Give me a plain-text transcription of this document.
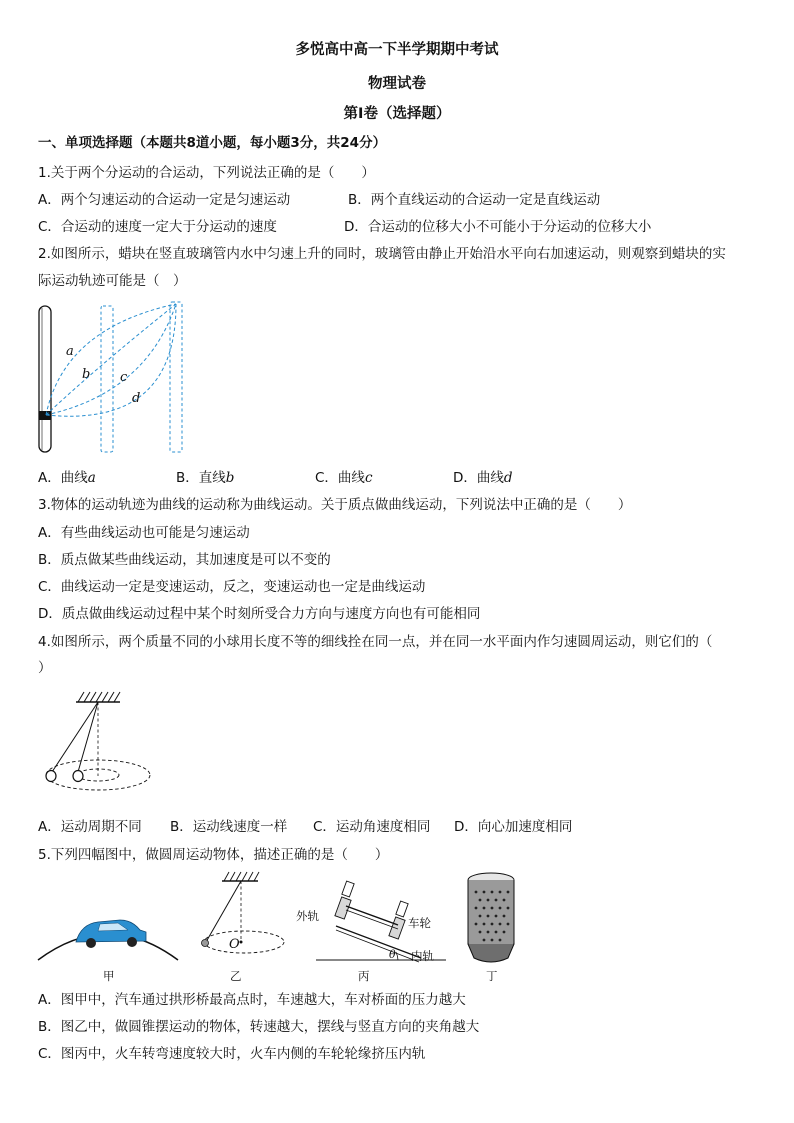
多悦高中高一下半学期期中考试
物理试卷
第I卷（选择题）
一、单项选择题（本题共8道小题，每小题3分，共24分）
1.关于两个分运动的合运动，下列说法正确的是（　　）
A．两个匀速运动的合运动一定是匀速运动	B．两个直线运动的合运动一定是直线运动
C．合运动的速度一定大于分运动的速度	D．合运动的位移大小不可能小于分运动的位移大小
2.如图所示，蜡块在竖直玻璃管内水中匀速上升的同时，玻璃管由静止开始沿水平向右加速运动，则观察到蜡块的实
际运动轨迹可能是（　）
a
b c
d
A．曲线a	B．直线b	C．曲线c	D．曲线d
3.物体的运动轨迹为曲线的运动称为曲线运动。关于质点做曲线运动，下列说法中正确的是（　　）
A．有些曲线运动也可能是匀速运动
B．质点做某些曲线运动，其加速度是可以不变的
C．曲线运动一定是变速运动，反之，变速运动也一定是曲线运动
D．质点做曲线运动过程中某个时刻所受合力方向与速度方向也有可能相同
4.如图所示，两个质量不同的小球用长度不等的细线拴在同一点，并在同一水平面内作匀速圆周运动，则它们的（
）
A．运动周期不同 B．运动线速度一样 C．运动角速度相同 D．向心加速度相同
5.下列四幅图中，做圆周运动物体，描述正确的是（　　）
甲
O
乙
θ
外轨	车轮
内轨
丙	丁
A．图甲中，汽车通过拱形桥最高点时，车速越大，车对桥面的压力越大
B．图乙中，做圆锥摆运动的物体，转速越大，摆线与竖直方向的夹角越大
C．图丙中，火车转弯速度较大时，火车内侧的车轮轮缘挤压内轨
